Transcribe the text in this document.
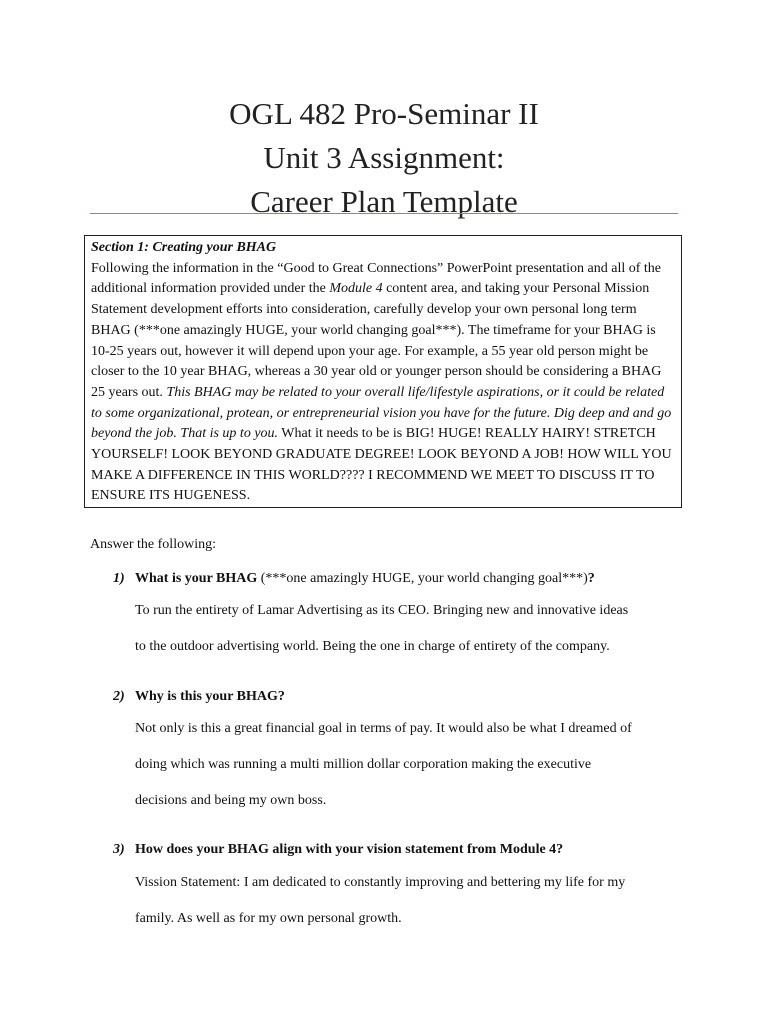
OGL 482 Pro-Seminar II
Unit 3 Assignment:
Career Plan Template
Section 1: Creating your BHAG
Following the information in the “Good to Great Connections” PowerPoint presentation and all of the additional information provided under the Module 4 content area, and taking your Personal Mission Statement development efforts into consideration, carefully develop your own personal long term BHAG (***one amazingly HUGE, your world changing goal***). The timeframe for your BHAG is 10-25 years out, however it will depend upon your age. For example, a 55 year old person might be closer to the 10 year BHAG, whereas a 30 year old or younger person should be considering a BHAG 25 years out. This BHAG may be related to your overall life/lifestyle aspirations, or it could be related to some organizational, protean, or entrepreneurial vision you have for the future. Dig deep and and go beyond the job. That is up to you. What it needs to be is BIG! HUGE! REALLY HAIRY! STRETCH YOURSELF! LOOK BEYOND GRADUATE DEGREE! LOOK BEYOND A JOB! HOW WILL YOU MAKE A DIFFERENCE IN THIS WORLD???? I RECOMMEND WE MEET TO DISCUSS IT TO ENSURE ITS HUGENESS.
Answer the following:
1) What is your BHAG (***one amazingly HUGE, your world changing goal***)?
To run the entirety of Lamar Advertising as its CEO. Bringing new and innovative ideas
to the outdoor advertising world. Being the one in charge of entirety of the company.
2) Why is this your BHAG?
Not only is this a great financial goal in terms of pay. It would also be what I dreamed of
doing which was running a multi million dollar corporation making the executive
decisions and being my own boss.
3) How does your BHAG align with your vision statement from Module 4?
Vission Statement: I am dedicated to constantly improving and bettering my life for my
family. As well as for my own personal growth.
